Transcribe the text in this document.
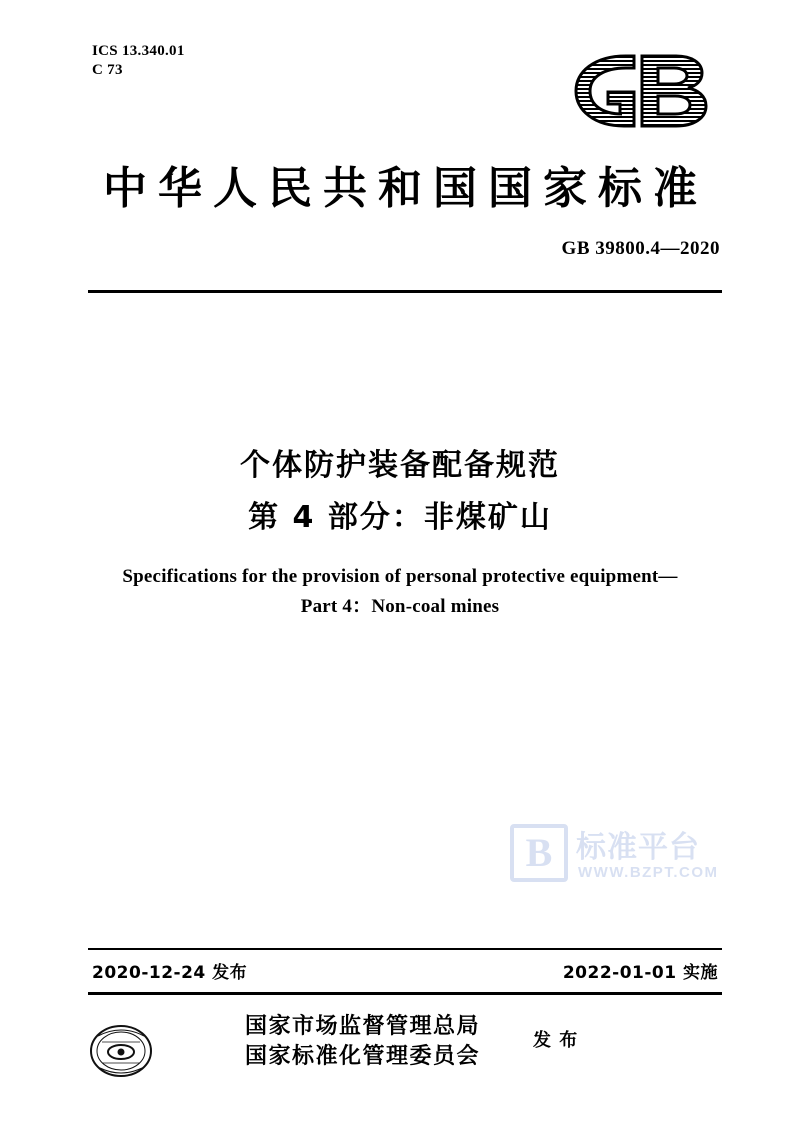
ICS 13.340.01
C 73
中华人民共和国国家标准
GB 39800.4—2020
个体防护装备配备规范
第 4 部分：非煤矿山
Specifications for the provision of personal protective equipment—
Part 4：Non-coal mines
B 标准平台
WWW.BZPT.COM
2020-12-24 发布	2022-01-01 实施
国家市场监督管理总局
国家标准化管理委员会
发 布
